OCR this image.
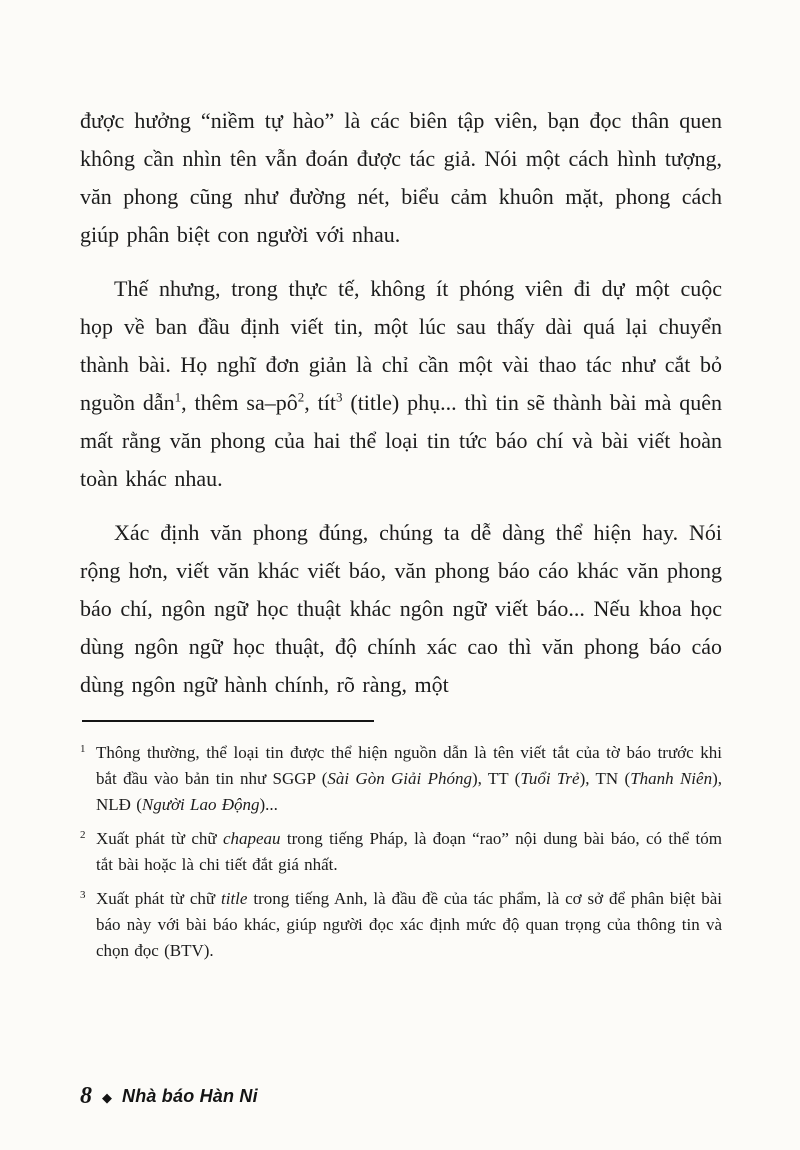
được hưởng “niềm tự hào” là các biên tập viên, bạn đọc thân quen không cần nhìn tên vẫn đoán được tác giả. Nói một cách hình tượng, văn phong cũng như đường nét, biểu cảm khuôn mặt, phong cách giúp phân biệt con người với nhau.

Thế nhưng, trong thực tế, không ít phóng viên đi dự một cuộc họp về ban đầu định viết tin, một lúc sau thấy dài quá lại chuyển thành bài. Họ nghĩ đơn giản là chỉ cần một vài thao tác như cắt bỏ nguồn dẫn$^1$, thêm sa–pô$^2$, tít$^3$ (title) phụ... thì tin sẽ thành bài mà quên mất rằng văn phong của hai thể loại tin tức báo chí và bài viết hoàn toàn khác nhau.

Xác định văn phong đúng, chúng ta dễ dàng thể hiện hay. Nói rộng hơn, viết văn khác viết báo, văn phong báo cáo khác văn phong báo chí, ngôn ngữ học thuật khác ngôn ngữ viết báo... Nếu khoa học dùng ngôn ngữ học thuật, độ chính xác cao thì văn phong báo cáo dùng ngôn ngữ hành chính, rõ ràng, một

1 Thông thường, thể loại tin được thể hiện nguồn dẫn là tên viết tắt của tờ báo trước khi bắt đầu vào bản tin như SGGP (Sài Gòn Giải Phóng), TT (Tuổi Trẻ), TN (Thanh Niên), NLĐ (Người Lao Động)...
2 Xuất phát từ chữ chapeau trong tiếng Pháp, là đoạn “rao” nội dung bài báo, có thể tóm tắt bài hoặc là chi tiết đắt giá nhất.
3 Xuất phát từ chữ title trong tiếng Anh, là đầu đề của tác phẩm, là cơ sở để phân biệt bài báo này với bài báo khác, giúp người đọc xác định mức độ quan trọng của thông tin và chọn đọc (BTV).
8 ◆ Nhà báo Hàn Ni
